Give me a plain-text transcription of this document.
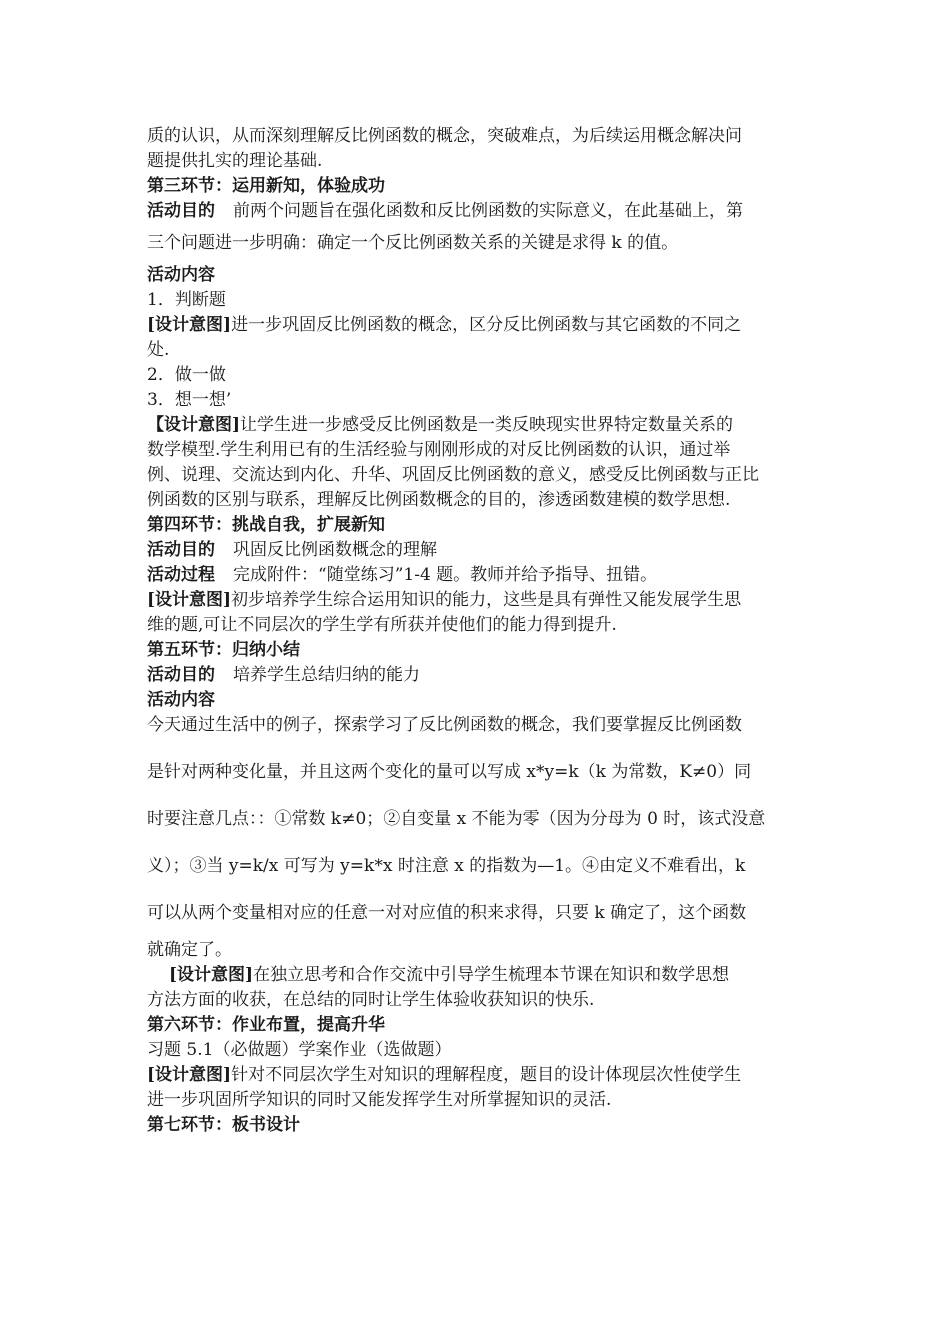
质的认识，从而深刻理解反比例函数的概念，突破难点，为后续运用概念解决问
题提供扎实的理论基础.
第三环节：运用新知，体验成功
活动目的 前两个问题旨在强化函数和反比例函数的实际意义，在此基础上，第
三个问题进一步明确：确定一个反比例函数关系的关键是求得 k 的值。
活动内容
1．判断题
[设计意图]进一步巩固反比例函数的概念，区分反比例函数与其它函数的不同之
处.
2．做一做
3．想一想’
【设计意图]让学生进一步感受反比例函数是一类反映现实世界特定数量关系的
数学模型.学生利用已有的生活经验与刚刚形成的对反比例函数的认识，通过举
例、说理、交流达到内化、升华、巩固反比例函数的意义，感受反比例函数与正比
例函数的区别与联系，理解反比例函数概念的目的，渗透函数建模的数学思想.
第四环节：挑战自我，扩展新知
活动目的 巩固反比例函数概念的理解
活动过程 完成附件：“随堂练习”1-4 题。教师并给予指导、扭错。
[设计意图]初步培养学生综合运用知识的能力，这些是具有弹性又能发展学生思
维的题,可让不同层次的学生学有所获并使他们的能力得到提升.
第五环节：归纳小结
活动目的 培养学生总结归纳的能力
活动内容
今天通过生活中的例子，探索学习了反比例函数的概念，我们要掌握反比例函数
是针对两种变化量，并且这两个变化的量可以写成 x*y=k（k 为常数，K≠0）同
时要注意几点：：①常数 k≠0；②自变量 x 不能为零（因为分母为 0 时，该式没意
义）；③当 y=k/x 可写为 y=k*x 时注意 x 的指数为—1。④由定义不难看出，k
可以从两个变量相对应的任意一对对应值的积来求得，只要 k 确定了，这个函数
就确定了。
[设计意图]在独立思考和合作交流中引导学生梳理本节课在知识和数学思想
方法方面的收获，在总结的同时让学生体验收获知识的快乐.
第六环节：作业布置，提高升华
习题 5.1（必做题）学案作业（选做题）
[设计意图]针对不同层次学生对知识的理解程度，题目的设计体现层次性使学生
进一步巩固所学知识的同时又能发挥学生对所掌握知识的灵活.
第七环节：板书设计
